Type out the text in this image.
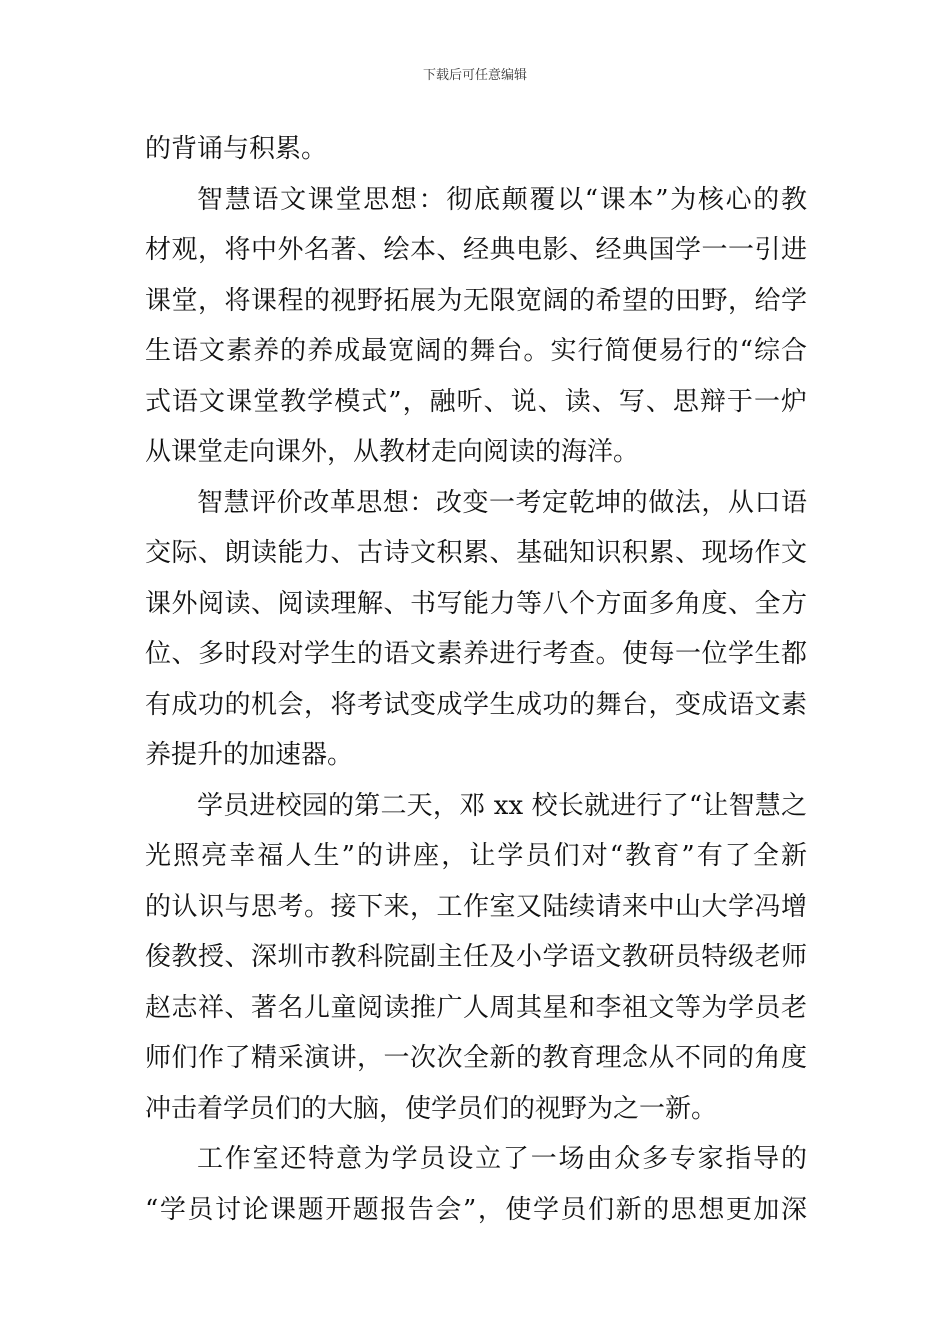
下载后可任意编辑
的背诵与积累。
智慧语文课堂思想：彻底颠覆以“课本”为核心的教
材观，将中外名著、绘本、经典电影、经典国学一一引进
课堂，将课程的视野拓展为无限宽阔的希望的田野，给学
生语文素养的养成最宽阔的舞台。实行简便易行的“综合
式语文课堂教学模式”，融听、说、读、写、思辩于一炉
从课堂走向课外，从教材走向阅读的海洋。
智慧评价改革思想：改变一考定乾坤的做法，从口语
交际、朗读能力、古诗文积累、基础知识积累、现场作文
课外阅读、阅读理解、书写能力等八个方面多角度、全方
位、多时段对学生的语文素养进行考查。使每一位学生都
有成功的机会，将考试变成学生成功的舞台，变成语文素
养提升的加速器。
学员进校园的第二天，邓 xx 校长就进行了“让智慧之
光照亮幸福人生”的讲座，让学员们对“教育”有了全新
的认识与思考。接下来，工作室又陆续请来中山大学冯增
俊教授、深圳市教科院副主任及小学语文教研员特级老师
赵志祥、著名儿童阅读推广人周其星和李祖文等为学员老
师们作了精采演讲，一次次全新的教育理念从不同的角度
冲击着学员们的大脑，使学员们的视野为之一新。
工作室还特意为学员设立了一场由众多专家指导的
“学员讨论课题开题报告会”，使学员们新的思想更加深
